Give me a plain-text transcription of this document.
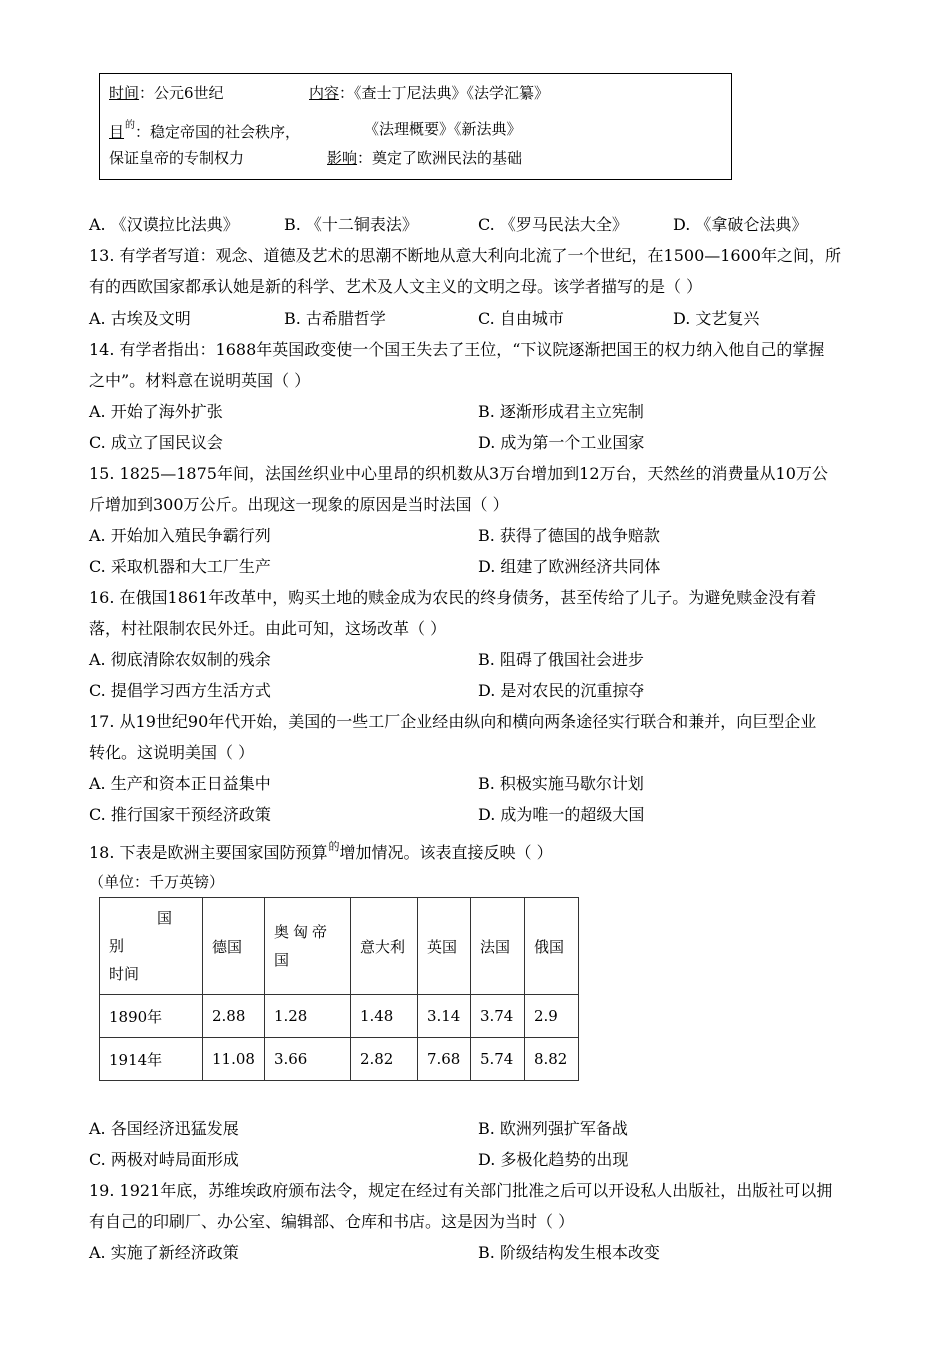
时间：公元6世纪	内容：《查士丁尼法典》《法学汇纂》
目$^的$：稳定帝国的社会秩序，	《法理概要》《新法典》
保证皇帝的专制权力	影响：奠定了欧洲民法的基础
A. 《汉谟拉比法典》	B. 《十二铜表法》	C. 《罗马民法大全》	D. 《拿破仑法典》
13. 有学者写道：观念、道德及艺术的思潮不断地从意大利向北流了一个世纪，在1500—1600年之间，所
有的西欧国家都承认她是新的科学、艺术及人文主义的文明之母。该学者描写的是（ ）
A. 古埃及文明	B. 古希腊哲学	C. 自由城市	D. 文艺复兴
14. 有学者指出：1688年英国政变使一个国王失去了王位，“下议院逐渐把国王的权力纳入他自己的掌握
之中”。材料意在说明英国（ ）
A. 开始了海外扩张	B. 逐渐形成君主立宪制
C. 成立了国民议会	D. 成为第一个工业国家
15. 1825—1875年间，法国丝织业中心里昂的织机数从3万台增加到12万台，天然丝的消费量从10万公
斤增加到300万公斤。出现这一现象的原因是当时法国（ ）
A. 开始加入殖民争霸行列	B. 获得了德国的战争赔款
C. 采取机器和大工厂生产	D. 组建了欧洲经济共同体
16. 在俄国1861年改革中，购买土地的赎金成为农民的终身债务，甚至传给了儿子。为避免赎金没有着
落，村社限制农民外迁。由此可知，这场改革（ ）
A. 彻底清除农奴制的残余	B. 阻碍了俄国社会进步
C. 提倡学习西方生活方式	D. 是对农民的沉重掠夺
17. 从19世纪90年代开始，美国的一些工厂企业经由纵向和横向两条途径实行联合和兼并，向巨型企业
转化。这说明美国（ ）
A. 生产和资本正日益集中	B. 积极实施马歇尔计划
C. 推行国家干预经济政策	D. 成为唯一的超级大国
18. 下表是欧洲主要国家国防预算$^的$增加情况。该表直接反映（ ）
（单位：千万英镑）
国
别
时间	德国	奥匈帝国	意大利	英国	法国	俄国
1890年	2.88	1.28	1.48	3.14	3.74	2.9
1914年	11.08	3.66	2.82	7.68	5.74	8.82
A. 各国经济迅猛发展	B. 欧洲列强扩军备战
C. 两极对峙局面形成	D. 多极化趋势的出现
19. 1921年底，苏维埃政府颁布法令，规定在经过有关部门批准之后可以开设私人出版社，出版社可以拥
有自己的印刷厂、办公室、编辑部、仓库和书店。这是因为当时（ ）
A. 实施了新经济政策	B. 阶级结构发生根本改变
